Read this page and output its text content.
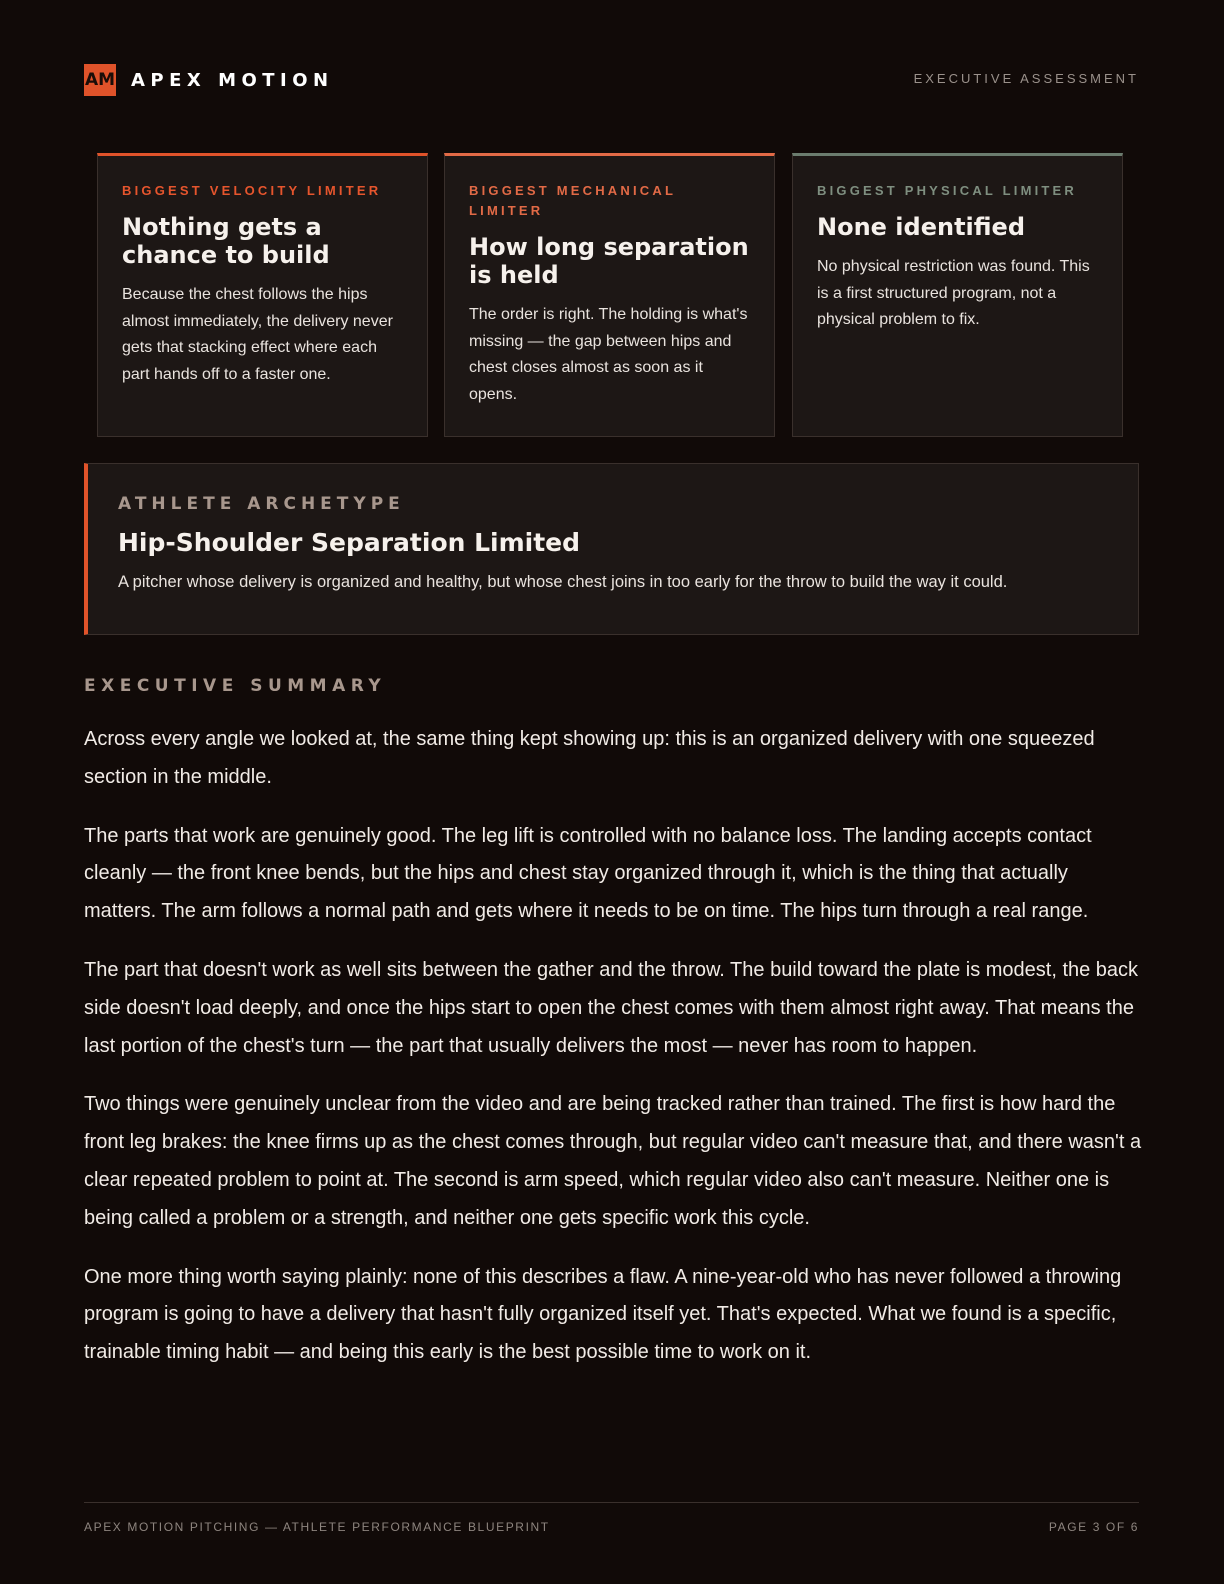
AM APEX MOTION	EXECUTIVE ASSESSMENT
BIGGEST VELOCITY LIMITER
Nothing gets a chance to build
Because the chest follows the hips almost immediately, the delivery never gets that stacking effect where each part hands off to a faster one.
BIGGEST MECHANICAL LIMITER
How long separation is held
The order is right. The holding is what's missing — the gap between hips and chest closes almost as soon as it opens.
BIGGEST PHYSICAL LIMITER
None identified
No physical restriction was found. This is a first structured program, not a physical problem to fix.
ATHLETE ARCHETYPE
Hip-Shoulder Separation Limited
A pitcher whose delivery is organized and healthy, but whose chest joins in too early for the throw to build the way it could.
EXECUTIVE SUMMARY

Across every angle we looked at, the same thing kept showing up: this is an organized delivery with one squeezed section in the middle.

The parts that work are genuinely good. The leg lift is controlled with no balance loss. The landing accepts contact cleanly — the front knee bends, but the hips and chest stay organized through it, which is the thing that actually matters. The arm follows a normal path and gets where it needs to be on time. The hips turn through a real range.

The part that doesn't work as well sits between the gather and the throw. The build toward the plate is modest, the back side doesn't load deeply, and once the hips start to open the chest comes with them almost right away. That means the last portion of the chest's turn — the part that usually delivers the most — never has room to happen.

Two things were genuinely unclear from the video and are being tracked rather than trained. The first is how hard the front leg brakes: the knee firms up as the chest comes through, but regular video can't measure that, and there wasn't a clear repeated problem to point at. The second is arm speed, which regular video also can't measure. Neither one is being called a problem or a strength, and neither one gets specific work this cycle.

One more thing worth saying plainly: none of this describes a flaw. A nine-year-old who has never followed a throwing program is going to have a delivery that hasn't fully organized itself yet. That's expected. What we found is a specific, trainable timing habit — and being this early is the best possible time to work on it.

APEX MOTION PITCHING — ATHLETE PERFORMANCE BLUEPRINT	PAGE 3 OF 6
